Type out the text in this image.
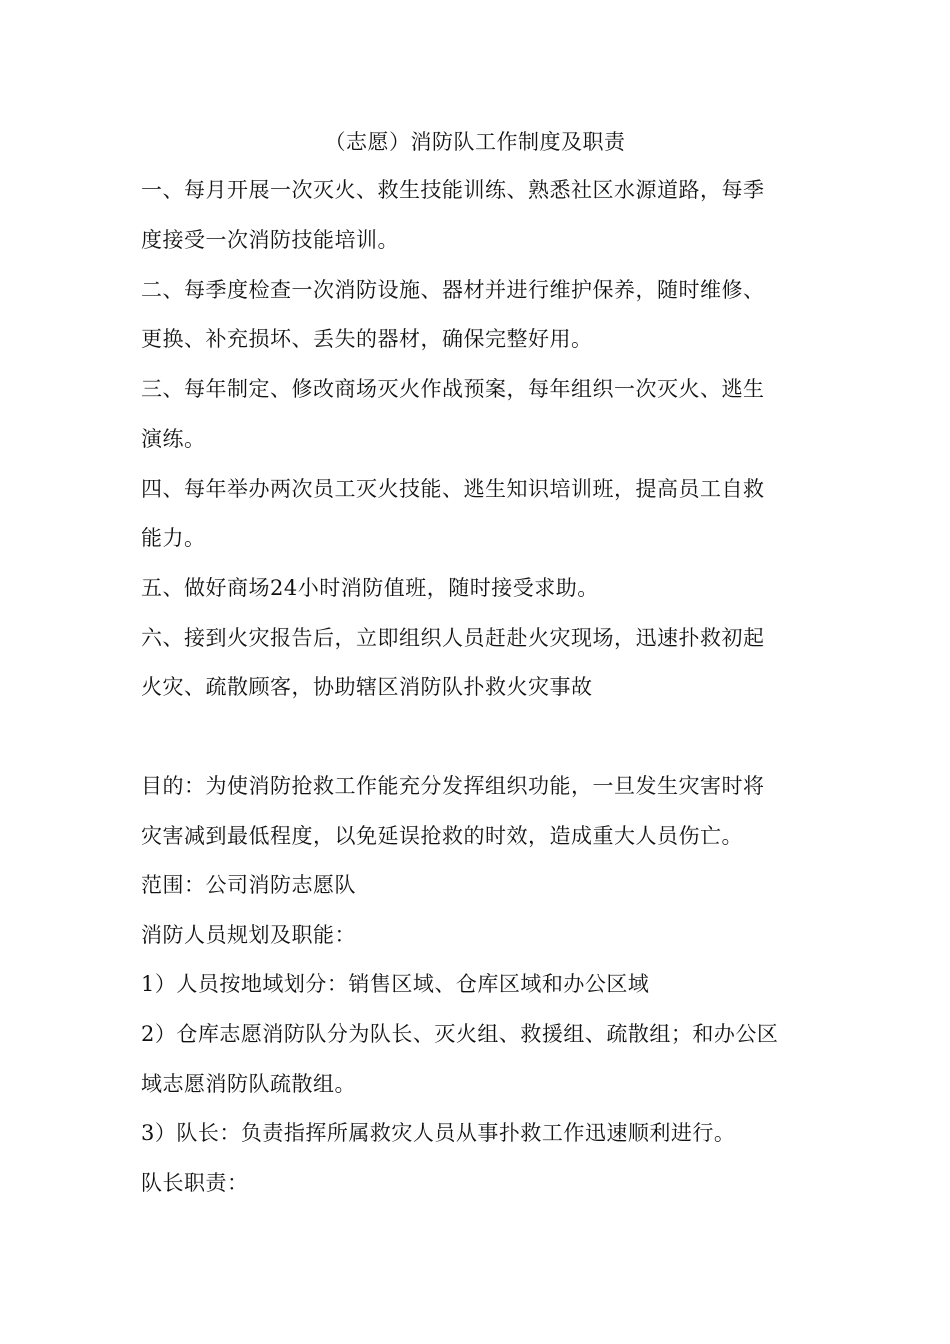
（志愿）消防队工作制度及职责

一、每月开展一次灭火、救生技能训练、熟悉社区水源道路，每季

度接受一次消防技能培训。

二、每季度检查一次消防设施、器材并进行维护保养，随时维修、

更换、补充损坏、丢失的器材，确保完整好用。

三、每年制定、修改商场灭火作战预案，每年组织一次灭火、逃生

演练。

四、每年举办两次员工灭火技能、逃生知识培训班，提高员工自救

能力。

五、做好商场24小时消防值班，随时接受求助。

六、接到火灾报告后，立即组织人员赶赴火灾现场，迅速扑救初起

火灾、疏散顾客，协助辖区消防队扑救火灾事故

目的：为使消防抢救工作能充分发挥组织功能，一旦发生灾害时将

灾害减到最低程度，以免延误抢救的时效，造成重大人员伤亡。

范围：公司消防志愿队

消防人员规划及职能：

1）人员按地域划分：销售区域、仓库区域和办公区域

2）仓库志愿消防队分为队长、灭火组、救援组、疏散组；和办公区

域志愿消防队疏散组。

3）队长：负责指挥所属救灾人员从事扑救工作迅速顺利进行。

队长职责：
